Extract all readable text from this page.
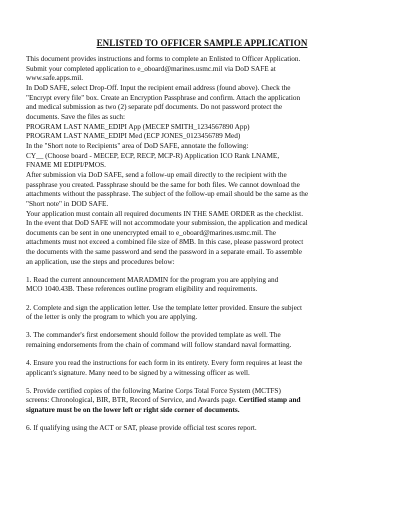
ENLISTED TO OFFICER SAMPLE APPLICATION
This document provides instructions and forms to complete an Enlisted to Officer Application.
Submit your completed application to e_oboard@marines.usmc.mil via DoD SAFE at
www.safe.apps.mil.
In DoD SAFE, select Drop-Off. Input the recipient email address (found above). Check the
"Encrypt every file" box. Create an Encryption Passphrase and confirm. Attach the application
and medical submission as two (2) separate pdf documents. Do not password protect the
documents. Save the files as such:
PROGRAM LAST NAME_EDIPI App (MECEP SMITH_1234567890 App)
PROGRAM LAST NAME_EDIPI Med (ECP JONES_0123456789 Med)
In the "Short note to Recipients" area of DoD SAFE, annotate the following:
CY__ (Choose board - MECEP, ECP, RECP, MCP-R) Application ICO Rank LNAME,
FNAME MI EDIPI/PMOS.
After submission via DoD SAFE, send a follow-up email directly to the recipient with the
passphrase you created. Passphrase should be the same for both files. We cannot download the
attachments without the passphrase. The subject of the follow-up email should be the same as the
"Short note" in DOD SAFE.
Your application must contain all required documents IN THE SAME ORDER as the checklist.
In the event that DoD SAFE will not accommodate your submission, the application and medical
documents can be sent in one unencrypted email to e_oboard@marines.usmc.mil. The
attachments must not exceed a combined file size of 8MB. In this case, please password protect
the documents with the same password and send the password in a separate email. To assemble
an application, use the steps and procedures below:
1. Read the current announcement MARADMIN for the program you are applying and
MCO 1040.43B. These references outline program eligibility and requirements.
2. Complete and sign the application letter. Use the template letter provided. Ensure the subject
of the letter is only the program to which you are applying.
3. The commander's first endorsement should follow the provided template as well. The
remaining endorsements from the chain of command will follow standard naval formatting.
4. Ensure you read the instructions for each form in its entirety. Every form requires at least the
applicant's signature. Many need to be signed by a witnessing officer as well.
5. Provide certified copies of the following Marine Corps Total Force System (MCTFS)
screens: Chronological, BIR, BTR, Record of Service, and Awards page. Certified stamp and
signature must be on the lower left or right side corner of documents.
6. If qualifying using the ACT or SAT, please provide official test scores report.
